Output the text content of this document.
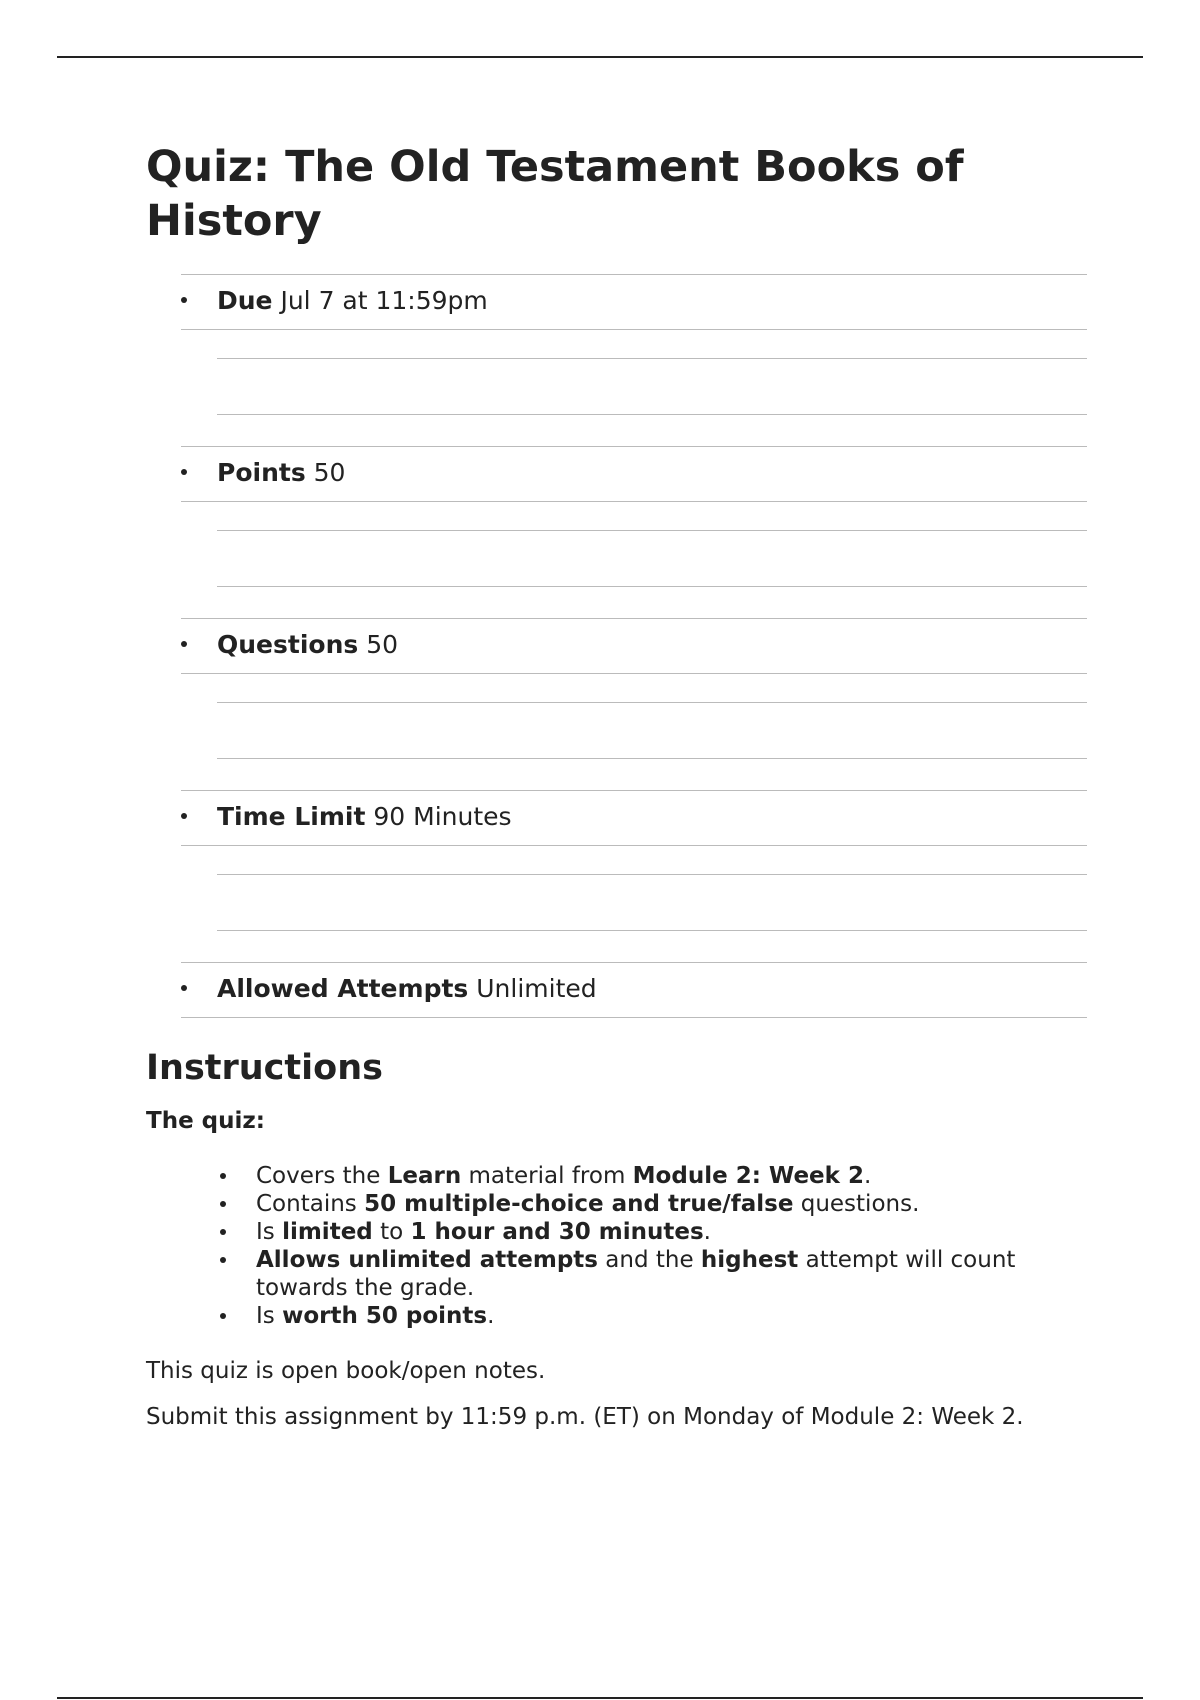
Quiz: The Old Testament Books of History
Due Jul 7 at 11:59pm
Points 50
Questions 50
Time Limit 90 Minutes
Allowed Attempts Unlimited
Instructions

The quiz:

Covers the Learn material from Module 2: Week 2.
Contains 50 multiple-choice and true/false questions.
Is limited to 1 hour and 30 minutes.
Allows unlimited attempts and the highest attempt will count towards the grade.
Is worth 50 points.

This quiz is open book/open notes.

Submit this assignment by 11:59 p.m. (ET) on Monday of Module 2: Week 2.
